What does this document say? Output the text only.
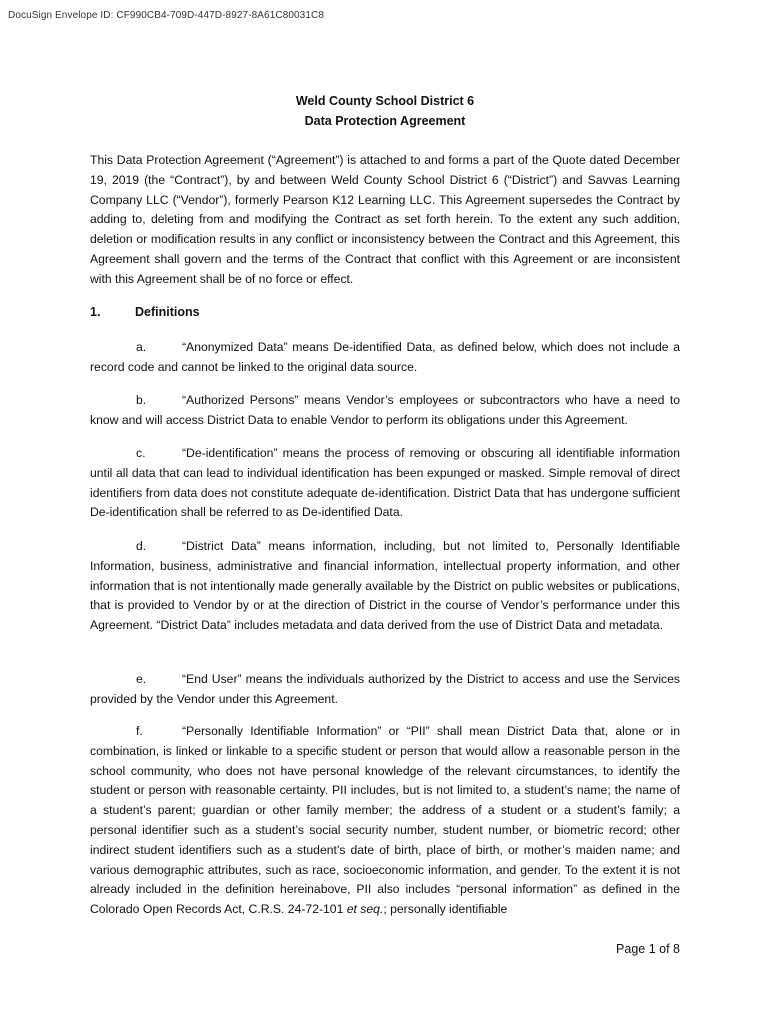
DocuSign Envelope ID: CF990CB4-709D-447D-8927-8A61C80031C8
Weld County School District 6
Data Protection Agreement
This Data Protection Agreement (“Agreement”) is attached to and forms a part of the Quote dated December 19, 2019 (the “Contract”), by and between Weld County School District 6 (“District”) and Savvas Learning Company LLC (“Vendor”), formerly Pearson K12 Learning LLC. This Agreement supersedes the Contract by adding to, deleting from and modifying the Contract as set forth herein. To the extent any such addition, deletion or modification results in any conflict or inconsistency between the Contract and this Agreement, this Agreement shall govern and the terms of the Contract that conflict with this Agreement or are inconsistent with this Agreement shall be of no force or effect.
1.	Definitions
a.	“Anonymized Data” means De-identified Data, as defined below, which does not include a record code and cannot be linked to the original data source.
b.	“Authorized Persons” means Vendor’s employees or subcontractors who have a need to know and will access District Data to enable Vendor to perform its obligations under this Agreement.
c.	“De-identification” means the process of removing or obscuring all identifiable information until all data that can lead to individual identification has been expunged or masked. Simple removal of direct identifiers from data does not constitute adequate de-identification. District Data that has undergone sufficient De-identification shall be referred to as De-identified Data.
d.	“District Data” means information, including, but not limited to, Personally Identifiable Information, business, administrative and financial information, intellectual property information, and other information that is not intentionally made generally available by the District on public websites or publications, that is provided to Vendor by or at the direction of District in the course of Vendor’s performance under this Agreement. “District Data” includes metadata and data derived from the use of District Data and metadata.
e.	“End User” means the individuals authorized by the District to access and use the Services provided by the Vendor under this Agreement.
f.	“Personally Identifiable Information” or “PII” shall mean District Data that, alone or in combination, is linked or linkable to a specific student or person that would allow a reasonable person in the school community, who does not have personal knowledge of the relevant circumstances, to identify the student or person with reasonable certainty. PII includes, but is not limited to, a student’s name; the name of a student’s parent; guardian or other family member; the address of a student or a student’s family; a personal identifier such as a student’s social security number, student number, or biometric record; other indirect student identifiers such as a student’s date of birth, place of birth, or mother’s maiden name; and various demographic attributes, such as race, socioeconomic information, and gender. To the extent it is not already included in the definition hereinabove, PII also includes “personal information” as defined in the Colorado Open Records Act, C.R.S. 24-72-101 et seq.; personally identifiable
Page 1 of 8
